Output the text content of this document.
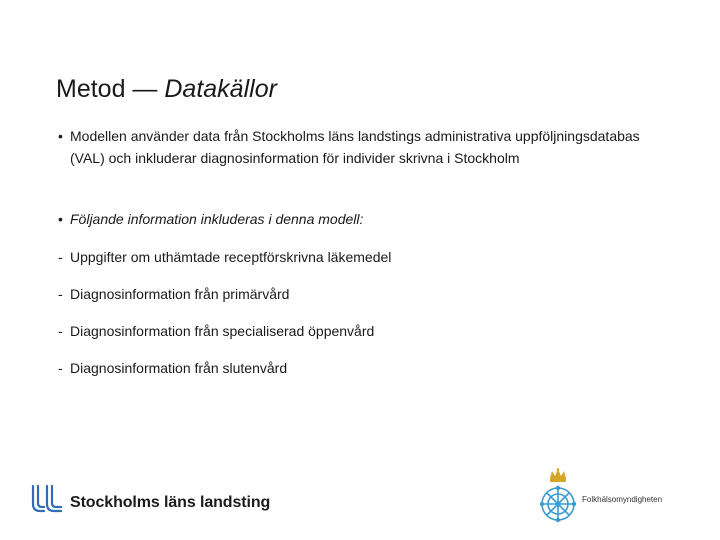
Metod — Datakällor
• Modellen använder data från Stockholms läns landstings administrativa uppföljningsdatabas (VAL) och inkluderar diagnosinformation för individer skrivna i Stockholm
• Följande information inkluderas i denna modell:
- Uppgifter om uthämtade receptförskrivna läkemedel
- Diagnosinformation från primärvård
- Diagnosinformation från specialiserad öppenvård
- Diagnosinformation från slutenvård
Stockholms läns landsting	Folkhälsomyndigheten
